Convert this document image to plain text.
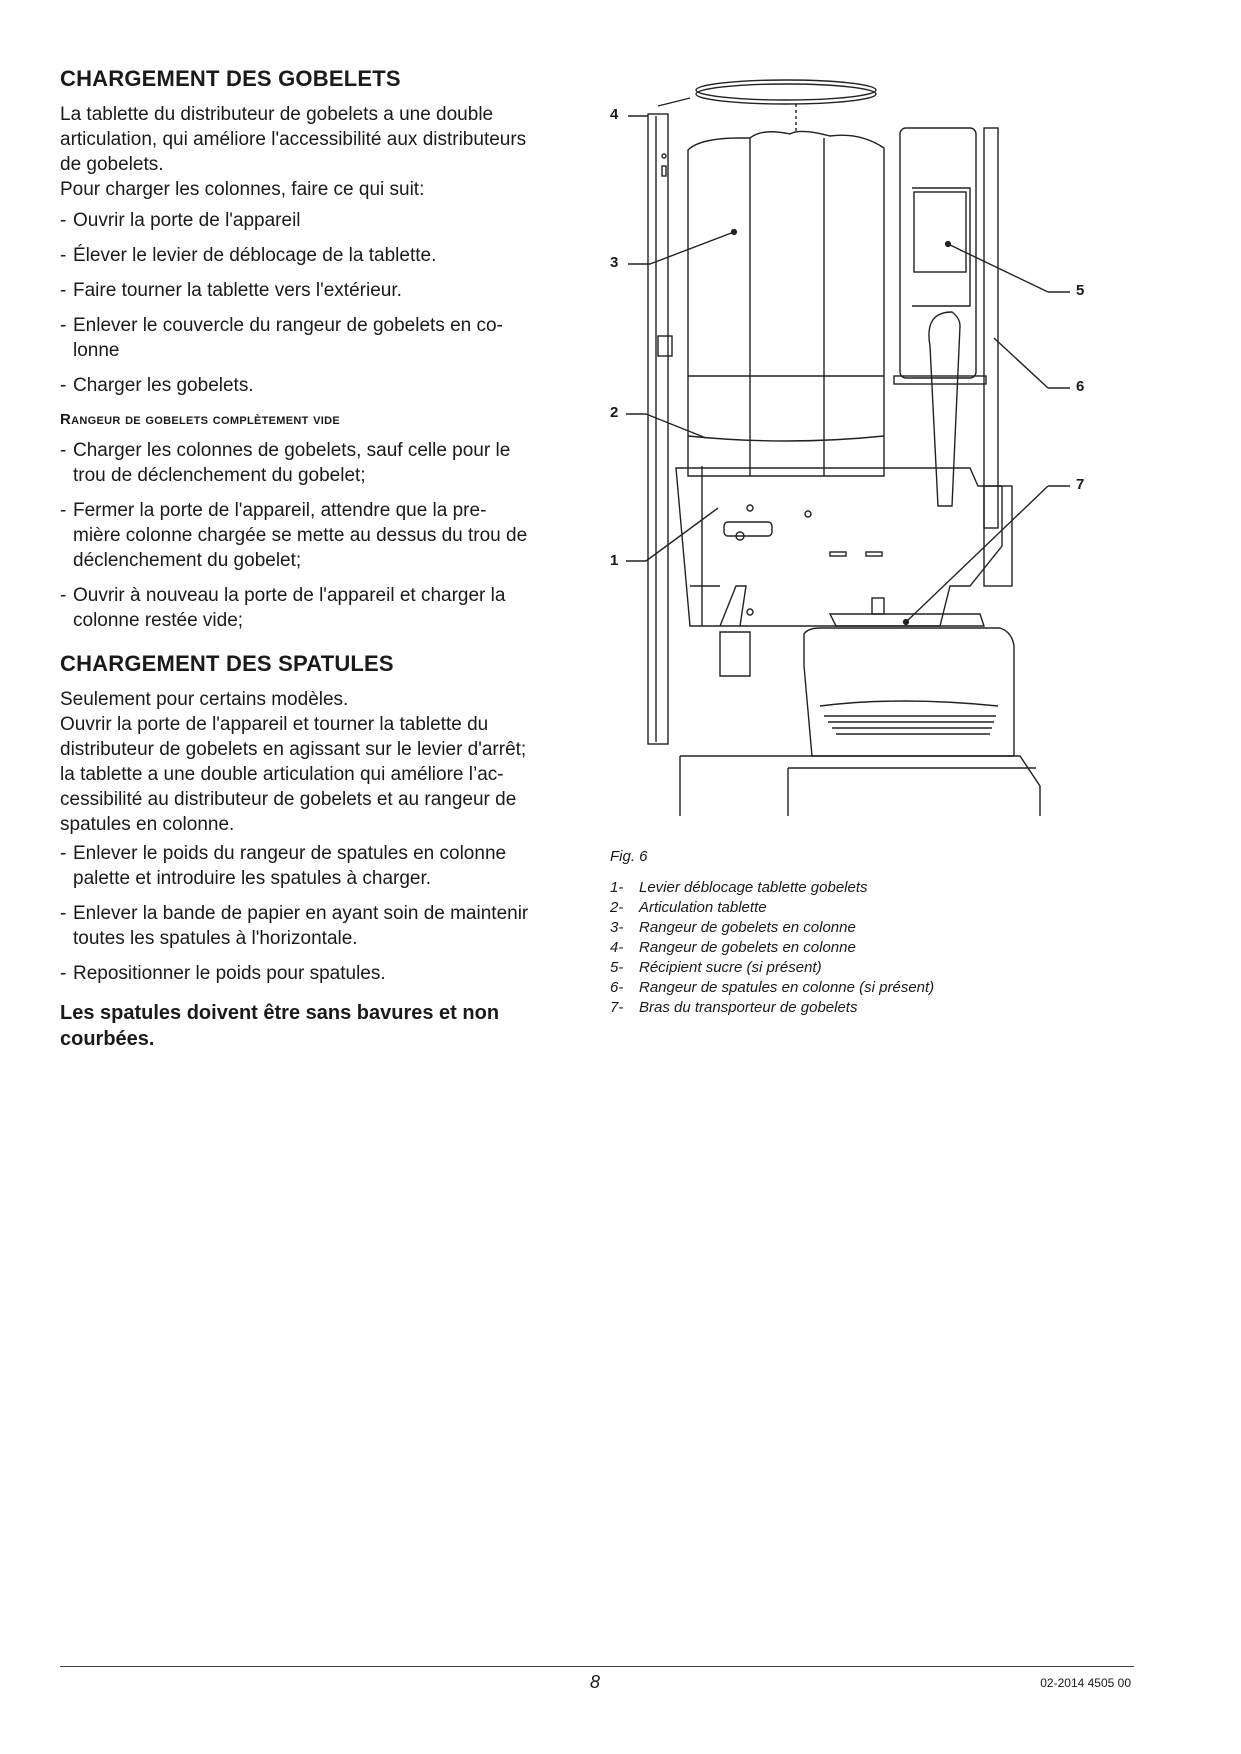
CHARGEMENT DES GOBELETS

La tablette du distributeur de gobelets a une double

articulation, qui améliore l'accessibilité aux distributeurs

de gobelets.

Pour charger les colonnes, faire ce qui suit:

- Ouvrir la porte de l'appareil
- Élever le levier de déblocage de la tablette.
- Faire tourner la tablette vers l'extérieur.
- Enlever le couvercle du rangeur de gobelets en co-
lonne
- Charger les gobelets.
Rangeur de gobelets complètement vide
- Charger les colonnes de gobelets, sauf celle pour le
trou de déclenchement du gobelet;
- Fermer la porte de l'appareil, attendre que la pre-
mière colonne chargée se mette au dessus du trou de
déclenchement du gobelet;
- Ouvrir à nouveau la porte de l'appareil et charger la
colonne restée vide;
CHARGEMENT DES SPATULES

Seulement pour certains modèles.

Ouvrir la porte de l'appareil et tourner la tablette du

distributeur de gobelets en agissant sur le levier d'arrêt;

la tablette a une double articulation qui améliore l’ac-

cessibilité au distributeur de gobelets et au rangeur de

spatules en colonne.

- Enlever le poids du rangeur de spatules en colonne
palette et introduire les spatules à charger.
- Enlever la bande de papier en ayant soin de maintenir
toutes les spatules à l'horizontale.
- Repositionner le poids pour spatules.
Les spatules doivent être sans bavures et non
courbées.
4
3
2
1
5
6
7
Fig. 6
1-	Levier déblocage tablette gobelets
2-	Articulation tablette
3-	Rangeur de gobelets en colonne
4-	Rangeur de gobelets en colonne
5-	Récipient sucre (si présent)
6-	Rangeur de spatules en colonne (si présent)
7-	Bras du transporteur de gobelets
8	02-2014 4505 00
